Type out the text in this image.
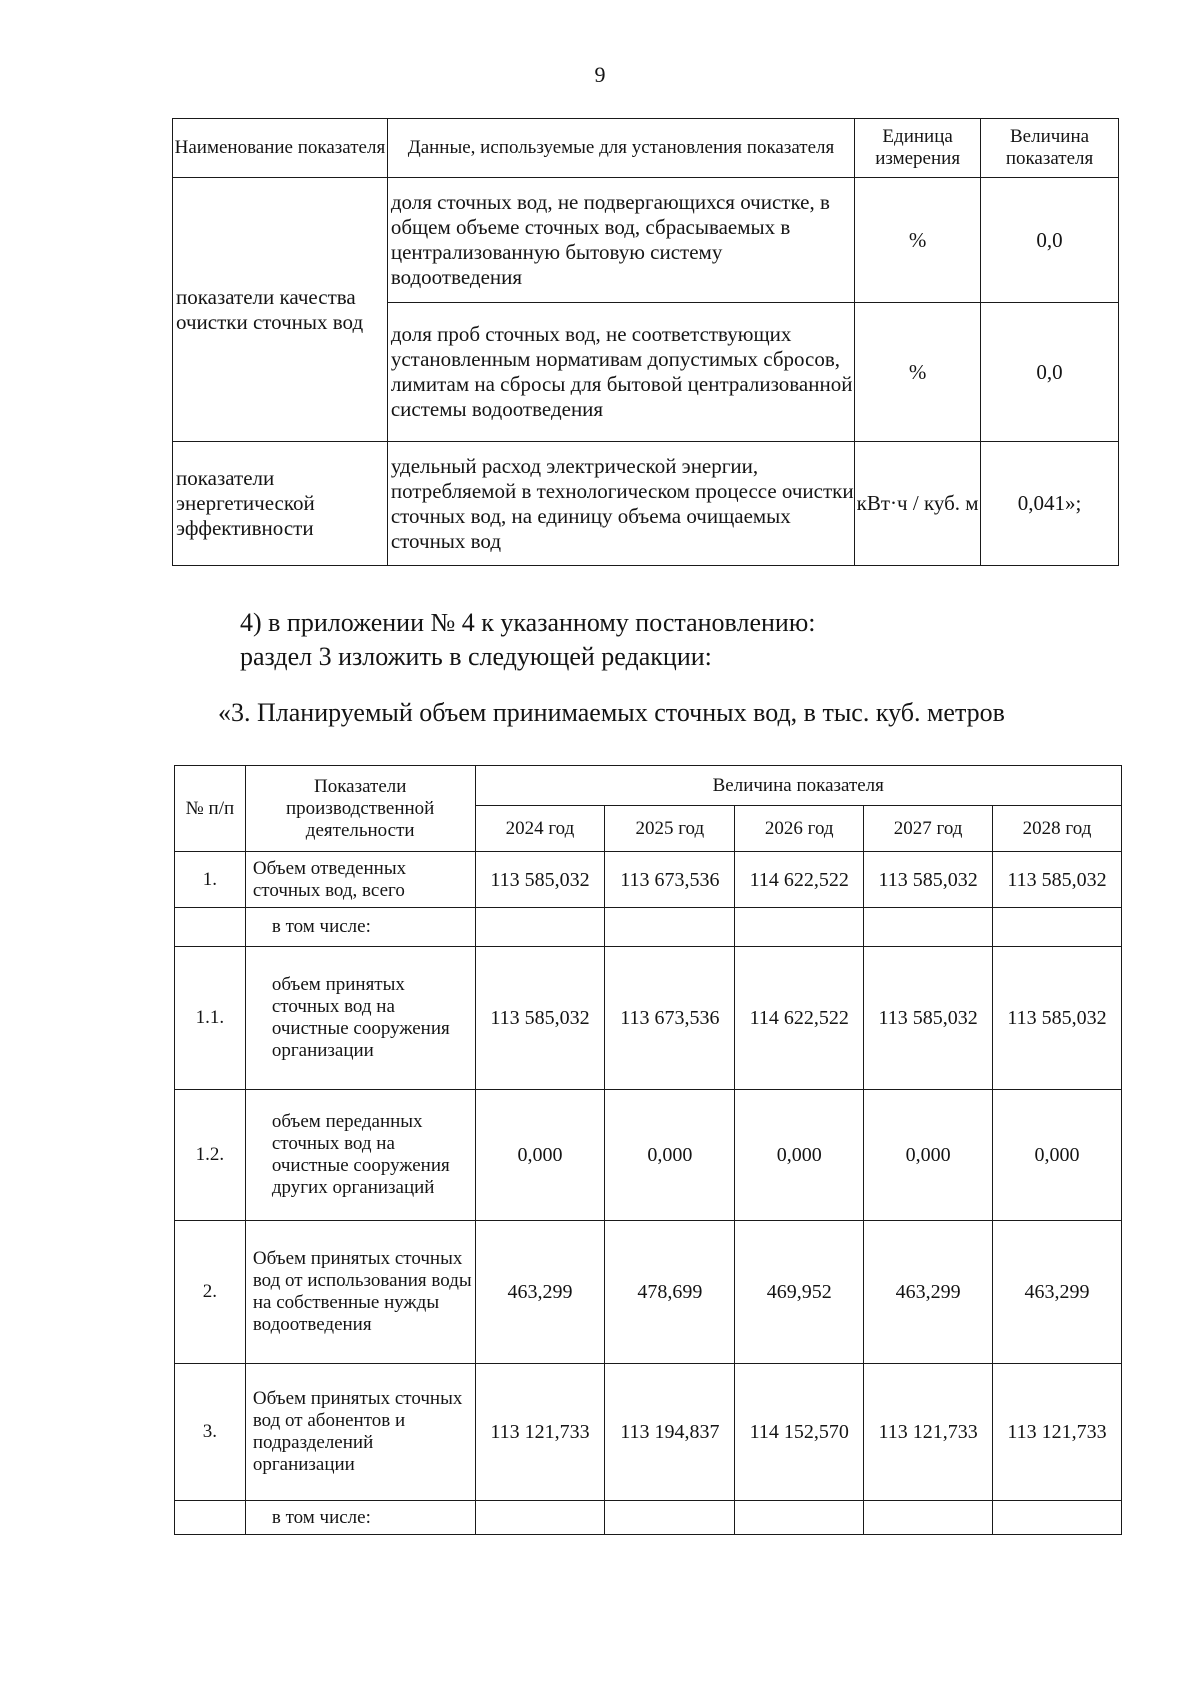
9
Наименование показателя	Данные, используемые для установления показателя	Единица измерения	Величина показателя
показатели качества очистки сточных вод	доля сточных вод, не подвергающихся очистке, в общем объеме сточных вод, сбрасываемых в централизованную бытовую систему водоотведения	%	0,0
	доля проб сточных вод, не соответствующих установленным нормативам допустимых сбросов, лимитам на сбросы для бытовой централизованной системы водоотведения	%	0,0
показатели энергетической эффективности	удельный расход электрической энергии, потребляемой в технологическом процессе очистки сточных вод, на единицу объема очищаемых сточных вод	кВт·ч / куб. м	0,041»;
4) в приложении № 4 к указанному постановлению:
раздел 3 изложить в следующей редакции:
«3. Планируемый объем принимаемых сточных вод, в тыс. куб. метров
№ п/п	Показатели производственной деятельности	Величина показателя				
		2024 год	2025 год	2026 год	2027 год	2028 год
1.	Объем отведенных сточных вод, всего	113 585,032	113 673,536	114 622,522	113 585,032	113 585,032
	в том числе:					
1.1.	объем принятых сточных вод на очистные сооружения организации	113 585,032	113 673,536	114 622,522	113 585,032	113 585,032
1.2.	объем переданных сточных вод на очистные сооружения других организаций	0,000	0,000	0,000	0,000	0,000
2.	Объем принятых сточных вод от использования воды на собственные нужды водоотведения	463,299	478,699	469,952	463,299	463,299
3.	Объем принятых сточных вод от абонентов и подразделений организации	113 121,733	113 194,837	114 152,570	113 121,733	113 121,733
	в том числе:					
